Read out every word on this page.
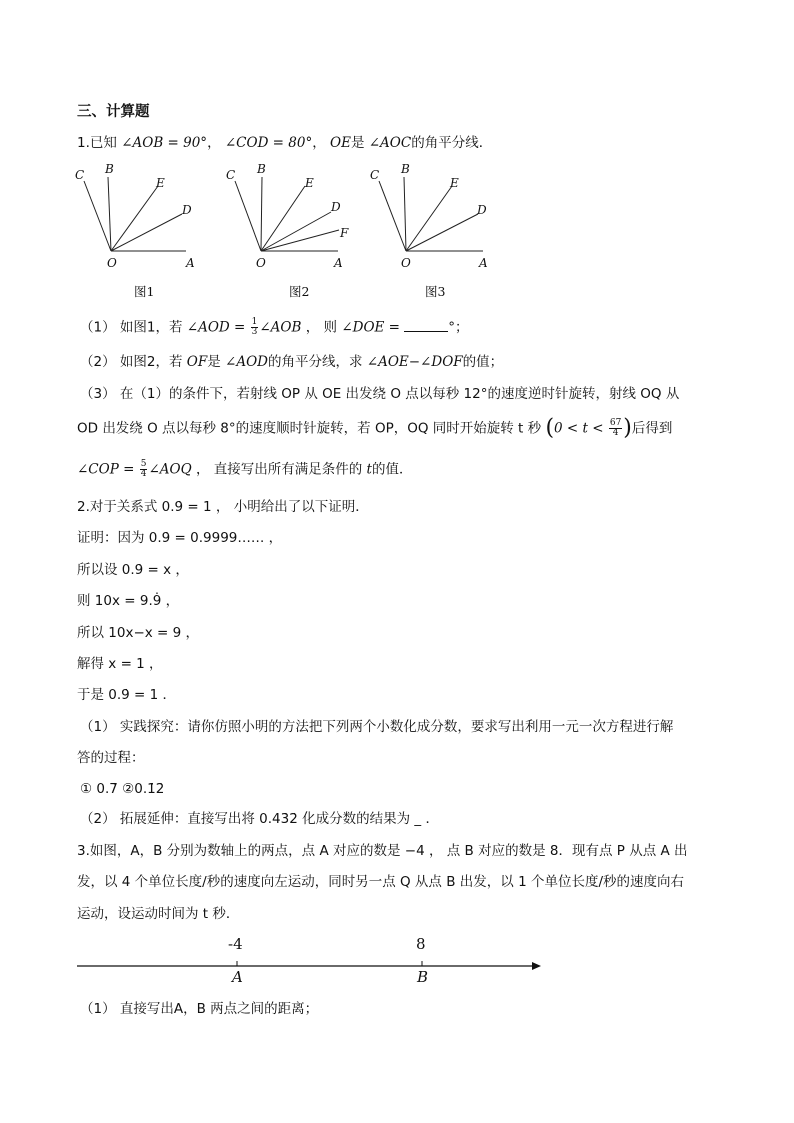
三、计算题
1.已知 ∠AOB = 90°， ∠COD = 80°， OE是 ∠AOC的角平分线．
C B
E
D
O	A
C B
E
D
F
O	A
C B
E
D
O	A
图1	图2	图3
（1） 如图1，若 ∠AOD = $\frac{1}{3}$ ∠AOB ， 则 ∠DOE =	°；
（2） 如图2，若 OF是 ∠AOD的角平分线，求 ∠AOE−∠DOF的值；
（3） 在（1）的条件下，若射线 OP 从 OE 出发绕 O 点以每秒 12°的速度逆时针旋转，射线 OQ 从
OD 出发绕 O 点以每秒 8°的速度顺时针旋转，若 OP，OQ 同时开始旋转 t 秒 ($0 < t < \frac{67}{4}$ )后得到
∠COP = $\frac{5}{4}$ ∠AOQ ， 直接写出所有满足条件的 t的值．
2.对于关系式 0.9̇ = 1 ， 小明给出了以下证明．
证明：因为 0.9̇ = 0.9999…… ，
所以设 0.9̇ = x ，
则 10x = 9.9̇ ，
所以 10x−x = 9 ，
解得 x = 1 ，
于是 0.9̇ = 1 ．
（1） 实践探究：请你仿照小明的方法把下列两个小数化成分数，要求写出利用一元一次方程进行解
答的过程：
① 0.7̇ ②0.1̇2̇
（2） 拓展延伸：直接写出将 0.43̇2̇ 化成分数的结果为 _ ．
3.如图，A，B 分别为数轴上的两点，点 A 对应的数是 −4 ， 点 B 对应的数是 8．现有点 P 从点 A 出
发，以 4 个单位长度/秒的速度向左运动，同时另一点 Q 从点 B 出发，以 1 个单位长度/秒的速度向右
运动，设运动时间为 t 秒．
-4	8
A	B
（1） 直接写出A，B 两点之间的距离；
